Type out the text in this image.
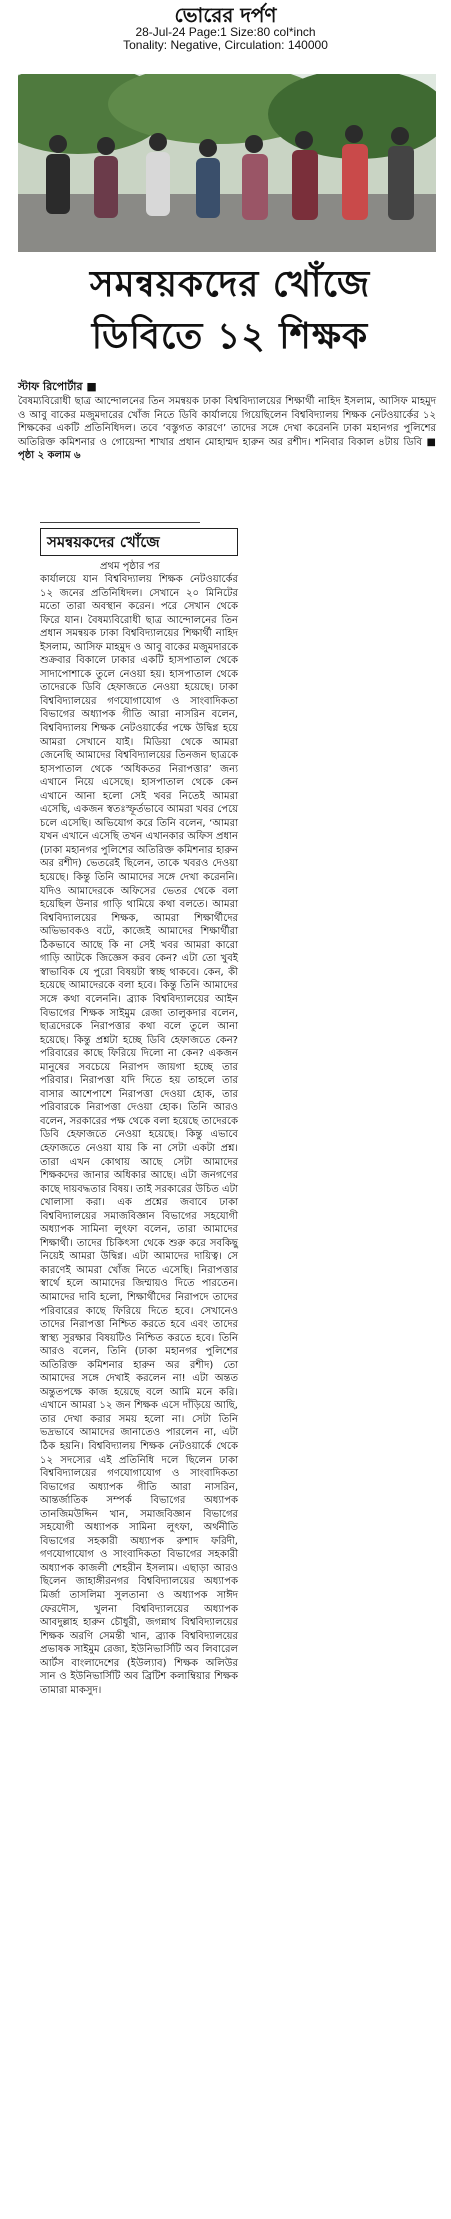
ভোরের দর্পণ
28-Jul-24 Page:1 Size:80 col*inch
Tonality: Negative, Circulation: 140000
সমন্বয়কদের খোঁজে
ডিবিতে ১২ শিক্ষক
স্টাফ রিপোর্টার ■
বৈষম্যবিরোধী ছাত্র আন্দোলনের তিন সমন্বয়ক ঢাকা বিশ্ববিদ্যালয়ের শিক্ষার্থী নাহিদ ইসলাম, আসিফ মাহমুদ ও আবু বাকের মজুমদারের খোঁজ নিতে ডিবি কার্যালয়ে গিয়েছিলেন বিশ্ববিদ্যালয় শিক্ষক নেটওয়ার্কের ১২ শিক্ষকের একটি প্রতিনিধিদল। তবে ‘বস্তুগত কারণে’ তাদের সঙ্গে দেখা করেননি ঢাকা মহানগর পুলিশের অতিরিক্ত কমিশনার ও গোয়েন্দা শাখার প্রধান মোহাম্মদ হারুন অর রশীদ। শনিবার বিকাল ৪টায় ডিবি ■ পৃষ্ঠা ২ কলাম ৬
সমন্বয়কদের খোঁজে
প্রথম পৃষ্ঠার পর
কার্যালয়ে যান বিশ্ববিদ্যালয় শিক্ষক নেটওয়ার্কের ১২ জনের প্রতিনিধিদল। সেখানে ২০ মিনিটের মতো তারা অবস্থান করেন। পরে সেখান থেকে ফিরে যান। বৈষম্যবিরোধী ছাত্র আন্দোলনের তিন প্রধান সমন্বয়ক ঢাকা বিশ্ববিদ্যালয়ের শিক্ষার্থী নাহিদ ইসলাম, আসিফ মাহমুদ ও আবু বাকের মজুমদারকে শুক্রবার বিকালে ঢাকার একটি হাসপাতাল থেকে সাদাপোশাকে তুলে নেওয়া হয়। হাসপাতাল থেকে তাদেরকে ডিবি হেফাজতে নেওয়া হয়েছে। ঢাকা বিশ্ববিদ্যালয়ের গণযোগাযোগ ও সাংবাদিকতা বিভাগের অধ্যাপক গীতি আরা নাসরিন বলেন, বিশ্ববিদ্যালয় শিক্ষক নেটওয়ার্কের পক্ষে উদ্বিগ্ন হয়ে আমরা সেখানে যাই। মিডিয়া থেকে আমরা জেনেছি আমাদের বিশ্ববিদ্যালয়ের তিনজন ছাত্রকে হাসপাতাল থেকে ‘অধিকতর নিরাপত্তার’ জন্য এখানে নিয়ে এসেছে। হাসপাতাল থেকে কেন এখানে আনা হলো সেই খবর নিতেই আমরা এসেছি, একজন স্বতঃস্ফূর্তভাবে আমরা খবর পেয়ে চলে এসেছি। অভিযোগ করে তিনি বলেন, ‘আমরা যখন এখানে এসেছি তখন এখানকার অফিস প্রধান (ঢাকা মহানগর পুলিশের অতিরিক্ত কমিশনার হারুন অর রশীদ) ভেতরেই ছিলেন, তাকে খবরও দেওয়া হয়েছে। কিন্তু তিনি আমাদের সঙ্গে দেখা করেননি। যদিও আমাদেরকে অফিসের ভেতর থেকে বলা হয়েছিল উনার গাড়ি থামিয়ে কথা বলতে। আমরা বিশ্ববিদ্যালয়ের শিক্ষক, আমরা শিক্ষার্থীদের অভিভাবকও বটে, কাজেই আমাদের শিক্ষার্থীরা ঠিকভাবে আছে কি না সেই খবর আমরা কারো গাড়ি আটকে জিজ্ঞেস করব কেন? এটা তো খুবই স্বাভাবিক যে পুরো বিষয়টা স্বচ্ছ থাকবে। কেন, কী হয়েছে আমাদেরকে বলা হবে। কিন্তু তিনি আমাদের সঙ্গে কথা বলেননি। ব্র্যাক বিশ্ববিদ্যালয়ের আইন বিভাগের শিক্ষক সাইমুম রেজা তালুকদার বলেন, ছাত্রদেরকে নিরাপত্তার কথা বলে তুলে আনা হয়েছে। কিন্তু প্রশ্নটা হচ্ছে ডিবি হেফাজতে কেন? পরিবারের কাছে ফিরিয়ে দিলো না কেন? একজন মানুষের সবচেয়ে নিরাপদ জায়গা হচ্ছে তার পরিবার। নিরাপত্তা যদি দিতে হয় তাহলে তার বাসার আশেপাশে নিরাপত্তা দেওয়া হোক, তার পরিবারকে নিরাপত্তা দেওয়া হোক। তিনি আরও বলেন, সরকারের পক্ষ থেকে বলা হয়েছে তাদেরকে ডিবি হেফাজতে নেওয়া হয়েছে। কিন্তু এভাবে হেফাজতে নেওয়া যায় কি না সেটা একটা প্রশ্ন। তারা এখন কোথায় আছে সেটা আমাদের শিক্ষকদের জানার অধিকার আছে। এটা জনগণের কাছে দায়বদ্ধতার বিষয়। তাই সরকারের উচিত এটা খোলাসা করা। এক প্রশ্নের জবাবে ঢাকা বিশ্ববিদ্যালয়ের সমাজবিজ্ঞান বিভাগের সহযোগী অধ্যাপক সামিনা লুৎফা বলেন, তারা আমাদের শিক্ষার্থী। তাদের চিকিৎসা থেকে শুরু করে সবকিছু নিয়েই আমরা উদ্বিগ্ন। এটা আমাদের দায়িত্ব। সে কারণেই আমরা খোঁজ নিতে এসেছি। নিরাপত্তার স্বার্থে হলে আমাদের জিম্মায়ও দিতে পারতেন। আমাদের দাবি হলো, শিক্ষার্থীদের নিরাপদে তাদের পরিবারের কাছে ফিরিয়ে দিতে হবে। সেখানেও তাদের নিরাপত্তা নিশ্চিত করতে হবে এবং তাদের স্বাস্থ্য সুরক্ষার বিষয়টিও নিশ্চিত করতে হবে। তিনি আরও বলেন, তিনি (ঢাকা মহানগর পুলিশের অতিরিক্ত কমিশনার হারুন অর রশীদ) তো আমাদের সঙ্গে দেখাই করলেন না! এটা অন্তত অন্তুতপক্ষে কাজ হয়েছে বলে আমি মনে করি। এখানে আমরা ১২ জন শিক্ষক এসে দাঁড়িয়ে আছি, তার দেখা করার সময় হলো না। সেটা তিনি ভদ্রভাবে আমাদের জানাতেও পারলেন না, এটা ঠিক হয়নি। বিশ্ববিদ্যালয় শিক্ষক নেটওয়ার্কে থেকে ১২ সদস্যের এই প্রতিনিধি দলে ছিলেন ঢাকা বিশ্ববিদ্যালয়ের গণযোগাযোগ ও সাংবাদিকতা বিভাগের অধ্যাপক গীতি আরা নাসরিন, আন্তর্জাতিক সম্পর্ক বিভাগের অধ্যাপক তানজিমউদ্দিন খান, সমাজবিজ্ঞান বিভাগের সহযোগী অধ্যাপক সামিনা লুৎফা, অর্থনীতি বিভাগের সহকারী অধ্যাপক রুশাদ ফরিদী, গণযোগাযোগ ও সাংবাদিকতা বিভাগের সহকারী অধ্যাপক কাজলী শেহরীন ইসলাম। এছাড়া আরও ছিলেন জাহাঙ্গীরনগর বিশ্ববিদ্যালয়ের অধ্যাপক মির্জা তাসলিমা সুলতানা ও অধ্যাপক সাঈদ ফেরদৌস, খুলনা বিশ্ববিদ্যালয়ের অধ্যাপক আবদুল্লাহ হারুন চৌধুরী, জগন্নাথ বিশ্ববিদ্যালয়ের শিক্ষক অরণি সেমন্তী খান, ব্র্যাক বিশ্ববিদ্যালয়ের প্রভাষক সাইমুম রেজা, ইউনিভার্সিটি অব লিবারেল আর্টস বাংলাদেশের (ইউল্যাব) শিক্ষক অলিউর সান ও ইউনিভার্সিটি অব ব্রিটিশ কলাম্বিয়ার শিক্ষক তামারা মাকসুদ।
